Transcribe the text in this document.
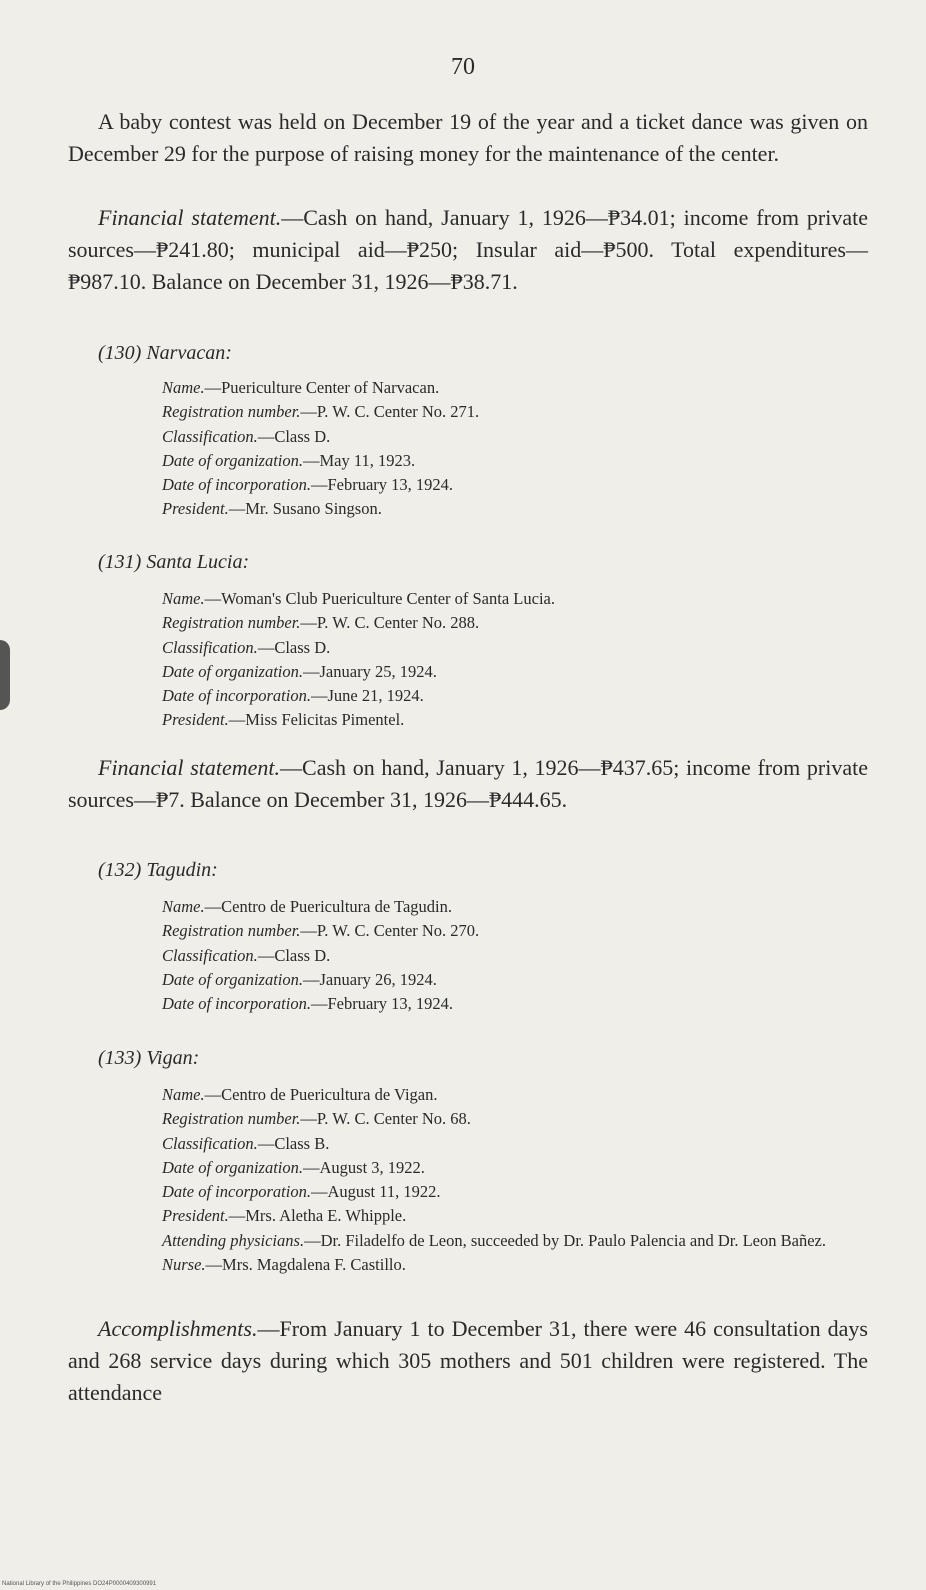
70
A baby contest was held on December 19 of the year and a ticket dance was given on December 29 for the purpose of raising money for the maintenance of the center.
Financial statement.—Cash on hand, January 1, 1926—₱34.01; income from private sources—₱241.80; municipal aid—₱250; Insular aid—₱500. Total expenditures—₱987.10. Balance on December 31, 1926—₱38.71.
(130) Narvacan:
Name.—Puericulture Center of Narvacan.
Registration number.—P. W. C. Center No. 271.
Classification.—Class D.
Date of organization.—May 11, 1923.
Date of incorporation.—February 13, 1924.
President.—Mr. Susano Singson.
(131) Santa Lucia:
Name.—Woman's Club Puericulture Center of Santa Lucia.
Registration number.—P. W. C. Center No. 288.
Classification.—Class D.
Date of organization.—January 25, 1924.
Date of incorporation.—June 21, 1924.
President.—Miss Felicitas Pimentel.
Financial statement.—Cash on hand, January 1, 1926—₱437.65; income from private sources—₱7. Balance on December 31, 1926—₱444.65.
(132) Tagudin:
Name.—Centro de Puericultura de Tagudin.
Registration number.—P. W. C. Center No. 270.
Classification.—Class D.
Date of organization.—January 26, 1924.
Date of incorporation.—February 13, 1924.
(133) Vigan:
Name.—Centro de Puericultura de Vigan.
Registration number.—P. W. C. Center No. 68.
Classification.—Class B.
Date of organization.—August 3, 1922.
Date of incorporation.—August 11, 1922.
President.—Mrs. Aletha E. Whipple.
Attending physicians.—Dr. Filadelfo de Leon, succeeded by Dr. Paulo Palencia and Dr. Leon Bañez.
Nurse.—Mrs. Magdalena F. Castillo.
Accomplishments.—From January 1 to December 31, there were 46 consultation days and 268 service days during which 305 mothers and 501 children were registered. The attendance
National Library of the Philippines DO24P0000409300991
